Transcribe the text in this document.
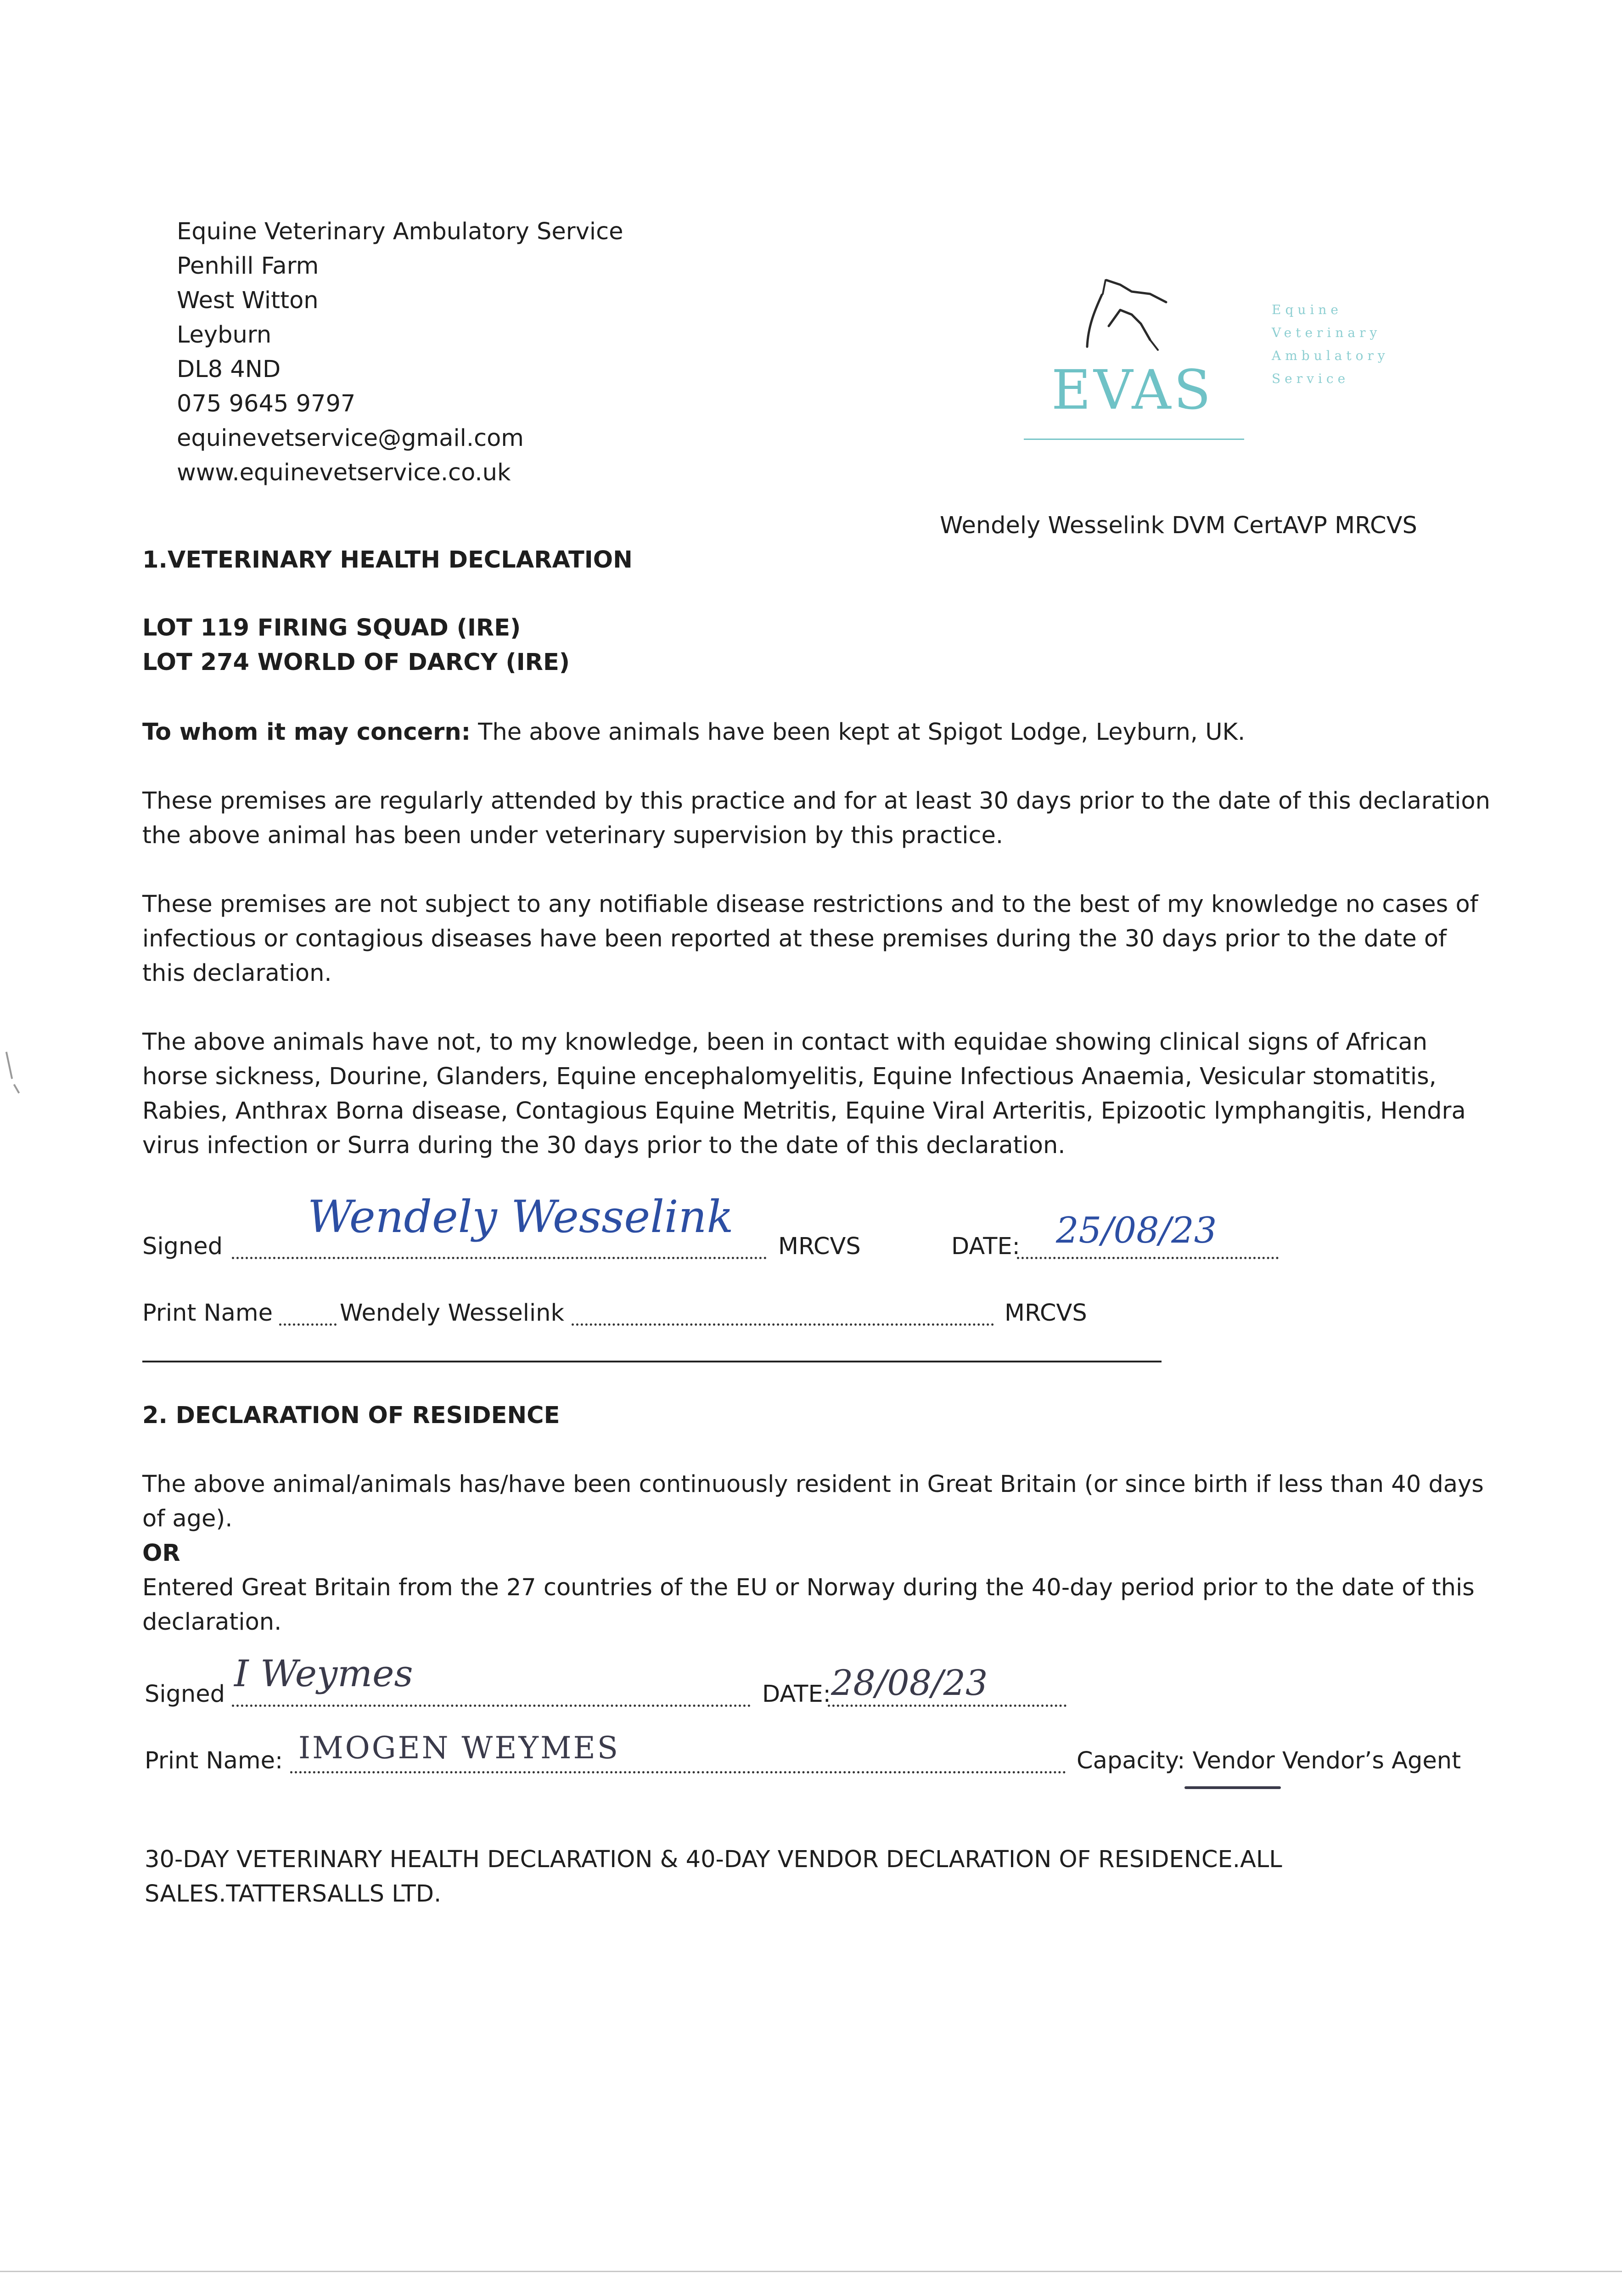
Equine Veterinary Ambulatory Service
Penhill Farm
West Witton
Leyburn
DL8 4ND
075 9645 9797
equinevetservice@gmail.com
www.equinevetservice.co.uk
EVAS
Equine
Veterinary
Ambulatory
Service
Wendely Wesselink DVM CertAVP MRCVS
1.VETERINARY HEALTH DECLARATION
LOT 119 FIRING SQUAD (IRE)
LOT 274 WORLD OF DARCY (IRE)
To whom it may concern: The above animals have been kept at Spigot Lodge, Leyburn, UK.
These premises are regularly attended by this practice and for at least 30 days prior to the date of this declaration the above animal has been under veterinary supervision by this practice.
These premises are not subject to any notifiable disease restrictions and to the best of my knowledge no cases of infectious or contagious diseases have been reported at these premises during the 30 days prior to the date of this declaration.
The above animals have not, to my knowledge, been in contact with equidae showing clinical signs of African horse sickness, Dourine, Glanders, Equine encephalomyelitis, Equine Infectious Anaemia, Vesicular stomatitis, Rabies, Anthrax Borna disease, Contagious Equine Metritis, Equine Viral Arteritis, Epizootic lymphangitis, Hendra virus infection or Surra during the 30 days prior to the date of this declaration.
Signed
Wendely Wesselink
MRCVS	DATE: 25/08/23
Print Name	Wendely Wesselink	MRCVS
2. DECLARATION OF RESIDENCE
The above animal/animals has/have been continuously resident in Great Britain (or since birth if less than 40 days of age).
OR
Entered Great Britain from the 27 countries of the EU or Norway during the 40-day period prior to the date of this declaration.
Signed I Weymes	DATE: 28/08/23
Print Name: IMOGEN WEYMES	Capacity: Vendor Vendor’s Agent
30-DAY VETERINARY HEALTH DECLARATION & 40-DAY VENDOR DECLARATION OF RESIDENCE.ALL SALES.TATTERSALLS LTD.
